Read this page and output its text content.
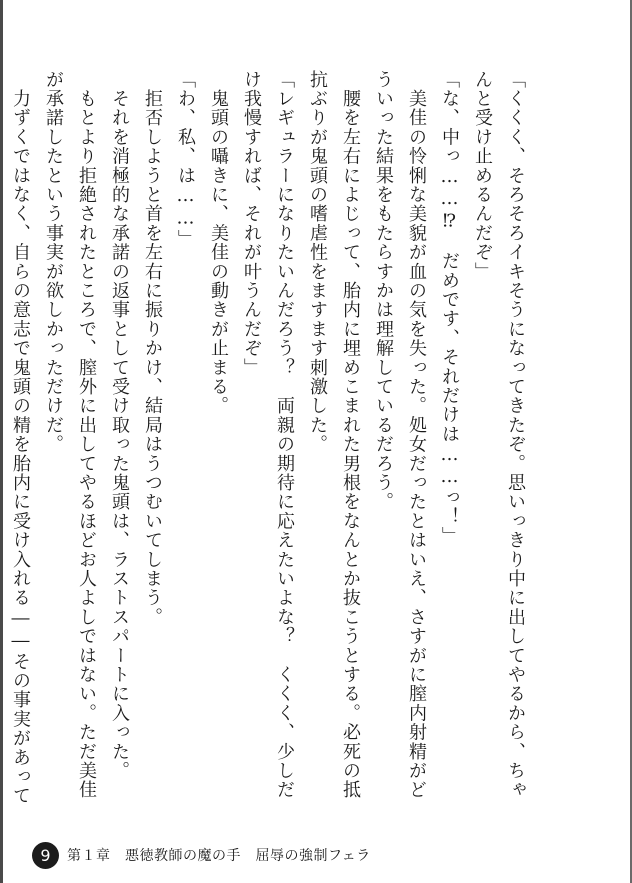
「くくく、そろそろイキそうになってきたぞ。思いっきり中に出してやるから、ちゃ

んと受け止めるんだぞ」

「な、中っ……⁉　だめです、それだけは……っ！」

　美佳の怜悧な美貌が血の気を失った。処女だったとはいえ、さすがに膣内射精がど

ういった結果をもたらすかは理解しているだろう。

　腰を左右によじって、胎内に埋めこまれた男根をなんとか抜こうとする。必死の抵

抗ぶりが鬼頭の嗜虐性をますます刺激した。

「レギュラーになりたいんだろう？　両親の期待に応えたいよな？　くくく、少しだ

け我慢すれば、それが叶うんだぞ」

　鬼頭の囁きに、美佳の動きが止まる。

「わ、私、は……」

　拒否しようと首を左右に振りかけ、結局はうつむいてしまう。

　それを消極的な承諾の返事として受け取った鬼頭は、ラストスパートに入った。

　もとより拒絶されたところで、膣外に出してやるほどお人よしではない。ただ美佳

が承諾したという事実が欲しかっただけだ。

　力ずくではなく、自らの意志で鬼頭の精を胎内に受け入れる――その事実があって

9 第１章　悪徳教師の魔の手　屈辱の強制フェラ
